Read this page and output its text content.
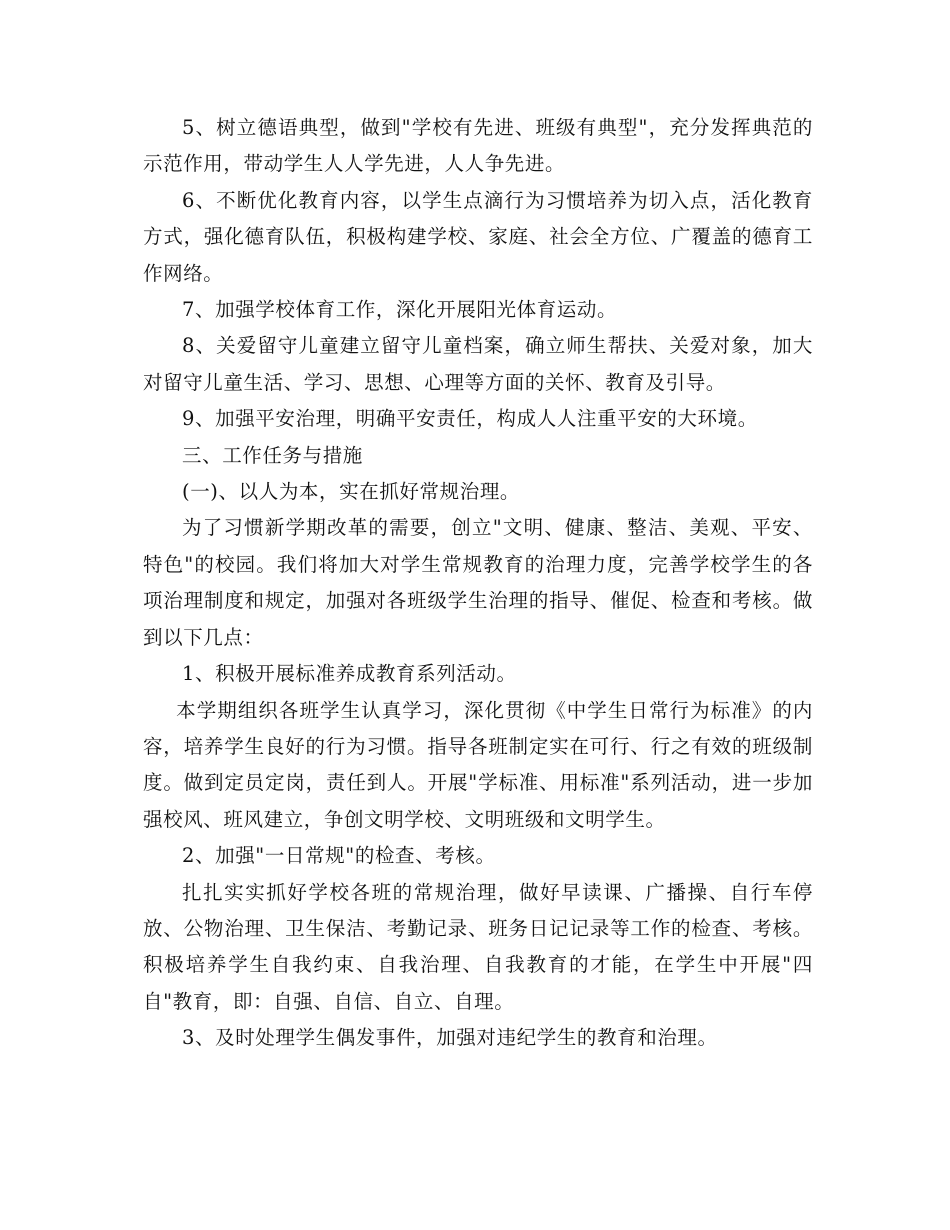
5、树立德语典型，做到"学校有先进、班级有典型"，充分发挥典范的示范作用，带动学生人人学先进，人人争先进。

6、不断优化教育内容，以学生点滴行为习惯培养为切入点，活化教育方式，强化德育队伍，积极构建学校、家庭、社会全方位、广覆盖的德育工作网络。

7、加强学校体育工作，深化开展阳光体育运动。

8、关爱留守儿童建立留守儿童档案，确立师生帮扶、关爱对象，加大对留守儿童生活、学习、思想、心理等方面的关怀、教育及引导。

9、加强平安治理，明确平安责任，构成人人注重平安的大环境。

三、工作任务与措施

(一)、以人为本，实在抓好常规治理。

为了习惯新学期改革的需要，创立"文明、健康、整洁、美观、平安、特色"的校园。我们将加大对学生常规教育的治理力度，完善学校学生的各项治理制度和规定，加强对各班级学生治理的指导、催促、检查和考核。做到以下几点：

1、积极开展标准养成教育系列活动。

本学期组织各班学生认真学习，深化贯彻《中学生日常行为标准》的内容，培养学生良好的行为习惯。指导各班制定实在可行、行之有效的班级制度。做到定员定岗，责任到人。开展"学标准、用标准"系列活动，进一步加强校风、班风建立，争创文明学校、文明班级和文明学生。

2、加强"一日常规"的检查、考核。

扎扎实实抓好学校各班的常规治理，做好早读课、广播操、自行车停放、公物治理、卫生保洁、考勤记录、班务日记记录等工作的检查、考核。积极培养学生自我约束、自我治理、自我教育的才能，在学生中开展"四自"教育，即：自强、自信、自立、自理。

3、及时处理学生偶发事件，加强对违纪学生的教育和治理。
